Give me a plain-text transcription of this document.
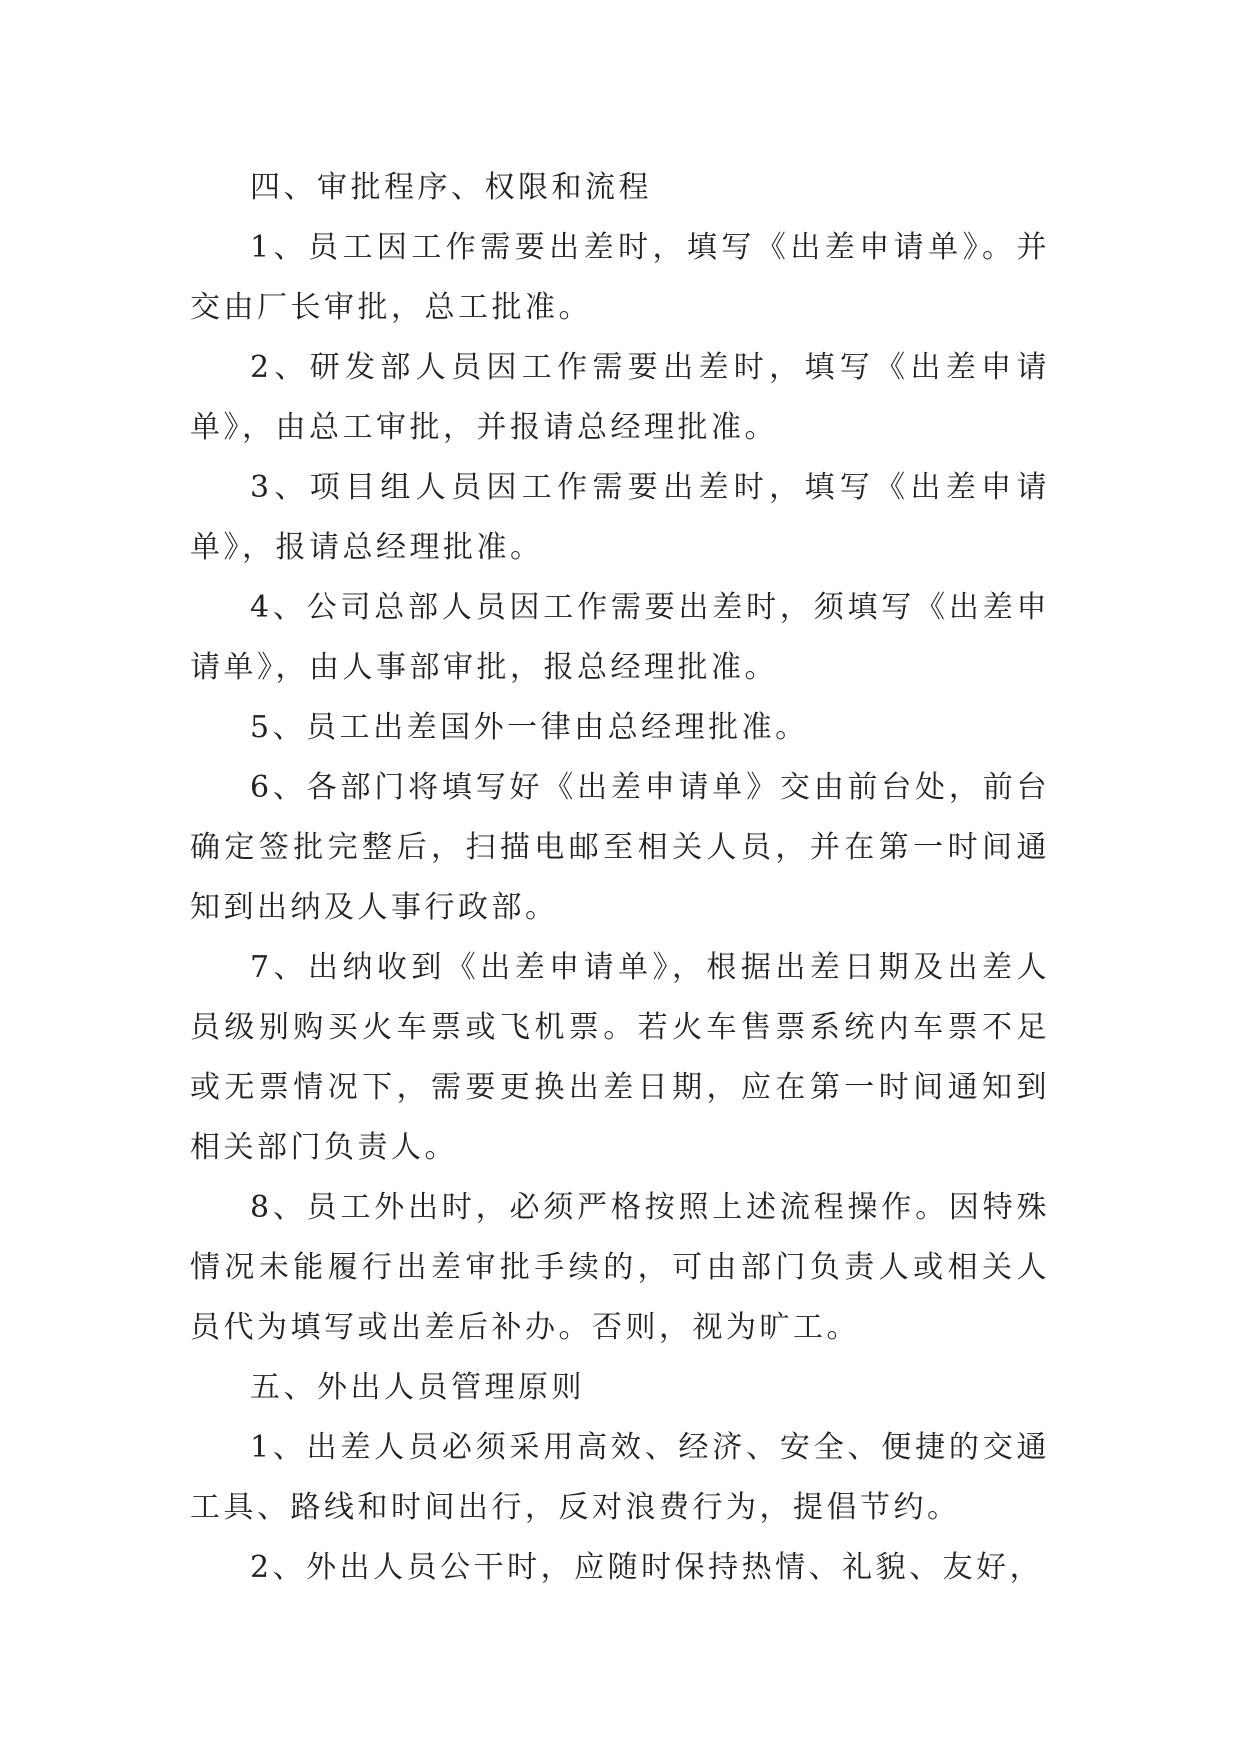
四、审批程序、权限和流程

1、员工因工作需要出差时，填写《出差申请单》。并交由厂长审批，总工批准。

2、研发部人员因工作需要出差时，填写《出差申请单》，由总工审批，并报请总经理批准。

3、项目组人员因工作需要出差时，填写《出差申请单》，报请总经理批准。

4、公司总部人员因工作需要出差时，须填写《出差申请单》，由人事部审批，报总经理批准。

5、员工出差国外一律由总经理批准。

6、各部门将填写好《出差申请单》交由前台处，前台确定签批完整后，扫描电邮至相关人员，并在第一时间通知到出纳及人事行政部。

7、出纳收到《出差申请单》，根据出差日期及出差人员级别购买火车票或飞机票。若火车售票系统内车票不足或无票情况下，需要更换出差日期，应在第一时间通知到相关部门负责人。

8、员工外出时，必须严格按照上述流程操作。因特殊情况未能履行出差审批手续的，可由部门负责人或相关人员代为填写或出差后补办。否则，视为旷工。

五、外出人员管理原则

1、出差人员必须采用高效、经济、安全、便捷的交通工具、路线和时间出行，反对浪费行为，提倡节约。

2、外出人员公干时，应随时保持热情、礼貌、友好，
